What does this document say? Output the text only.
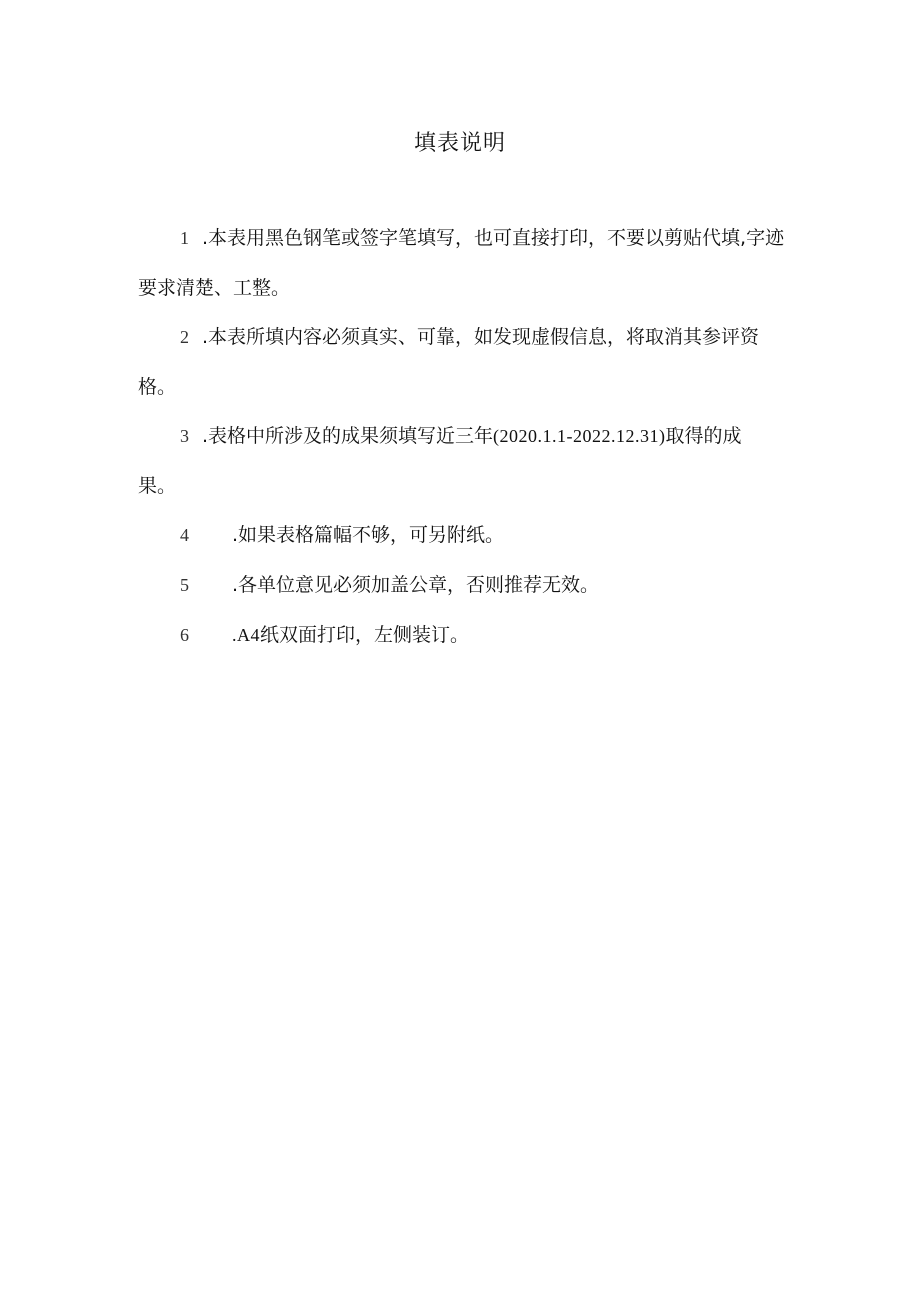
填表说明
1 .本表用黑色钢笔或签字笔填写，也可直接打印，不要以剪贴代填,字迹
要求清楚、工整。
2 .本表所填内容必须真实、可靠，如发现虚假信息，将取消其参评资
格。
3 .表格中所涉及的成果须填写近三年(2020.1.1-2022.12.31)取得的成
果。
4 .如果表格篇幅不够，可另附纸。
5 .各单位意见必须加盖公章，否则推荐无效。
6 .A4纸双面打印，左侧装订。
